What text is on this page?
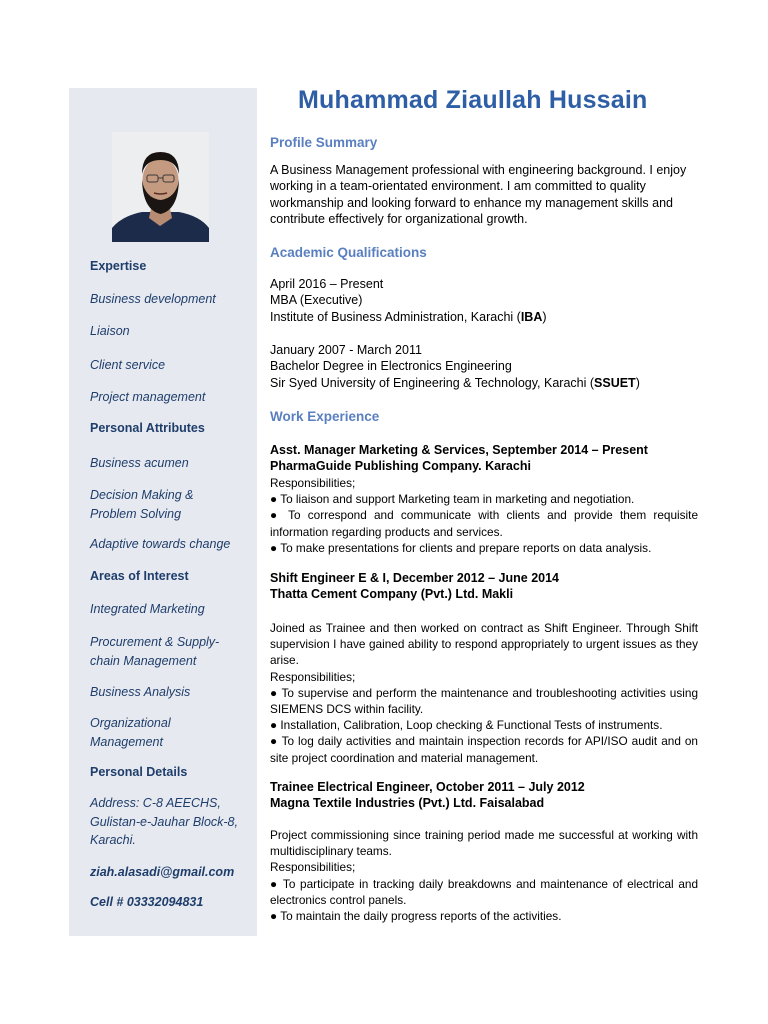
Expertise
Business development
Liaison
Client service
Project management
Personal Attributes
Business acumen
Decision Making & Problem Solving
Adaptive towards change
Areas of Interest
Integrated Marketing
Procurement & Supply-chain Management
Business Analysis
Organizational Management
Personal Details
Address: C-8 AEECHS, Gulistan-e-Jauhar Block-8, Karachi.
ziah.alasadi@gmail.com
Cell # 03332094831
Muhammad Ziaullah Hussain
Profile Summary
A Business Management professional with engineering background. I enjoy working in a team-orientated environment. I am committed to quality workmanship and looking forward to enhance my management skills and contribute effectively for organizational growth.
Academic Qualifications
April 2016 – Present
MBA (Executive)
Institute of Business Administration, Karachi (IBA)
January 2007 - March 2011
Bachelor Degree in Electronics Engineering
Sir Syed University of Engineering & Technology, Karachi (SSUET)
Work Experience
Asst. Manager Marketing & Services, September 2014 – Present
PharmaGuide Publishing Company. Karachi
Responsibilities;
● To liaison and support Marketing team in marketing and negotiation.
● To correspond and communicate with clients and provide them requisite information regarding products and services.
● To make presentations for clients and prepare reports on data analysis.
Shift Engineer E & I, December 2012 – June 2014
Thatta Cement Company (Pvt.) Ltd. Makli
Joined as Trainee and then worked on contract as Shift Engineer. Through Shift supervision I have gained ability to respond appropriately to urgent issues as they arise.
Responsibilities;
● To supervise and perform the maintenance and troubleshooting activities using SIEMENS DCS within facility.
● Installation, Calibration, Loop checking & Functional Tests of instruments.
● To log daily activities and maintain inspection records for API/ISO audit and on site project coordination and material management.
Trainee Electrical Engineer, October 2011 – July 2012
Magna Textile Industries (Pvt.) Ltd. Faisalabad
Project commissioning since training period made me successful at working with multidisciplinary teams.
Responsibilities;
● To participate in tracking daily breakdowns and maintenance of electrical and electronics control panels.
● To maintain the daily progress reports of the activities.
